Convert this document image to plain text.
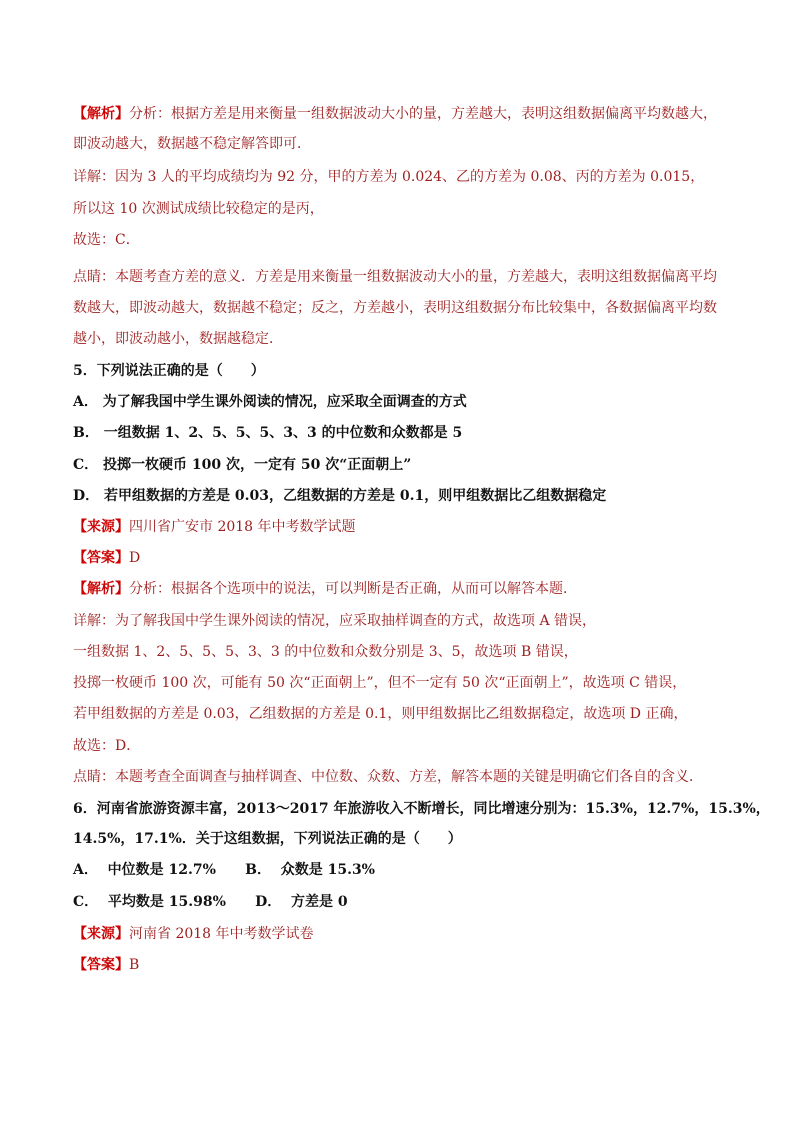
【解析】分析：根据方差是用来衡量一组数据波动大小的量，方差越大，表明这组数据偏离平均数越大，
即波动越大，数据越不稳定解答即可．
详解：因为 3 人的平均成绩均为 92 分，甲的方差为 0.024、乙的方差为 0.08、丙的方差为 0.015，
所以这 10 次测试成绩比较稳定的是丙，
故选：C．
点睛：本题考查方差的意义．方差是用来衡量一组数据波动大小的量，方差越大，表明这组数据偏离平均
数越大，即波动越大，数据越不稳定；反之，方差越小，表明这组数据分布比较集中，各数据偏离平均数
越小，即波动越小，数据越稳定．
5．下列说法正确的是（　　）
A． 为了解我国中学生课外阅读的情况，应采取全面调查的方式
B． 一组数据 1、2、5、5、5、3、3 的中位数和众数都是 5
C． 投掷一枚硬币 100 次，一定有 50 次“正面朝上”
D． 若甲组数据的方差是 0.03，乙组数据的方差是 0.1，则甲组数据比乙组数据稳定
【来源】四川省广安市 2018 年中考数学试题
【答案】D
【解析】分析：根据各个选项中的说法，可以判断是否正确，从而可以解答本题．
详解：为了解我国中学生课外阅读的情况，应采取抽样调查的方式，故选项 A 错误，
一组数据 1、2、5、5、5、3、3 的中位数和众数分别是 3、5，故选项 B 错误，
投掷一枚硬币 100 次，可能有 50 次“正面朝上”，但不一定有 50 次“正面朝上”，故选项 C 错误，
若甲组数据的方差是 0.03，乙组数据的方差是 0.1，则甲组数据比乙组数据稳定，故选项 D 正确，
故选：D．
点睛：本题考查全面调查与抽样调查、中位数、众数、方差，解答本题的关键是明确它们各自的含义．
6．河南省旅游资源丰富，2013～2017 年旅游收入不断增长，同比增速分别为：15.3%，12.7%，15.3%，
14.5%，17.1%．关于这组数据，下列说法正确的是（　　）
A．  中位数是 12.7%      B．  众数是 15.3%
C．  平均数是 15.98%      D．  方差是 0
【来源】河南省 2018 年中考数学试卷
【答案】B
